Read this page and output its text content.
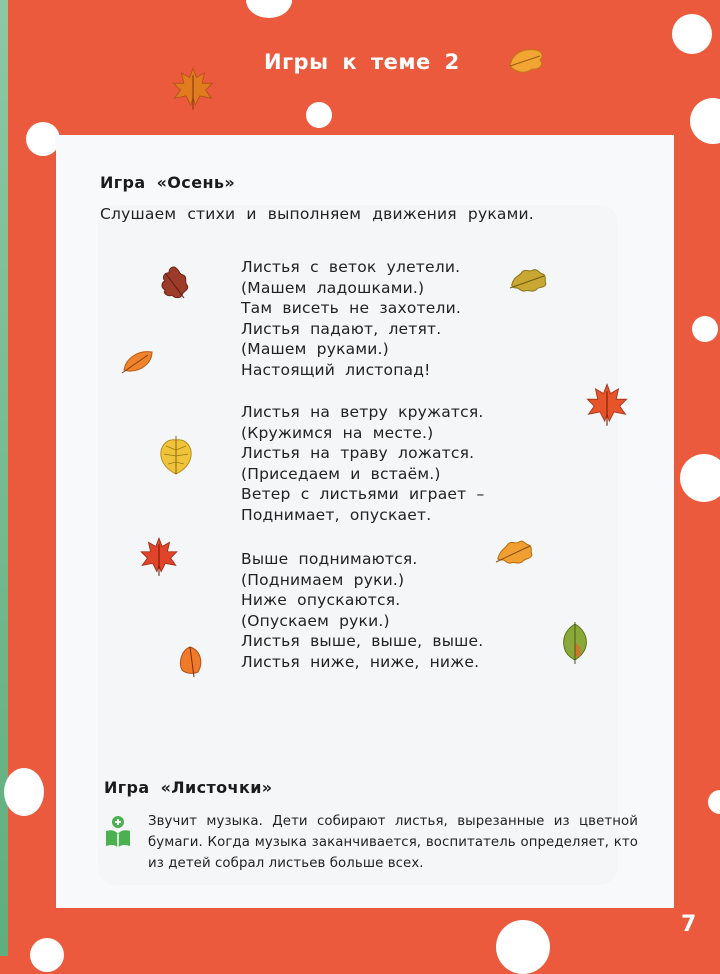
Игры к теме 2
Игра «Осень»
Слушаем стихи и выполняем движения руками.
Листья с веток улетели.
(Машем ладошками.)
Там висеть не захотели.
Листья падают, летят.
(Машем руками.)
Настоящий листопад!
Листья на ветру кружатся.
(Кружимся на месте.)
Листья на траву ложатся.
(Приседаем и встаём.)
Ветер с листьями играет –
Поднимает, опускает.
Выше поднимаются.
(Поднимаем руки.)
Ниже опускаются.
(Опускаем руки.)
Листья выше, выше, выше.
Листья ниже, ниже, ниже.
Игра «Листочки»
Звучит музыка. Дети собирают листья, вырезанные из цветной бумаги. Когда музыка заканчивается, воспитатель определяет, кто из детей собрал листьев больше всех.
7
